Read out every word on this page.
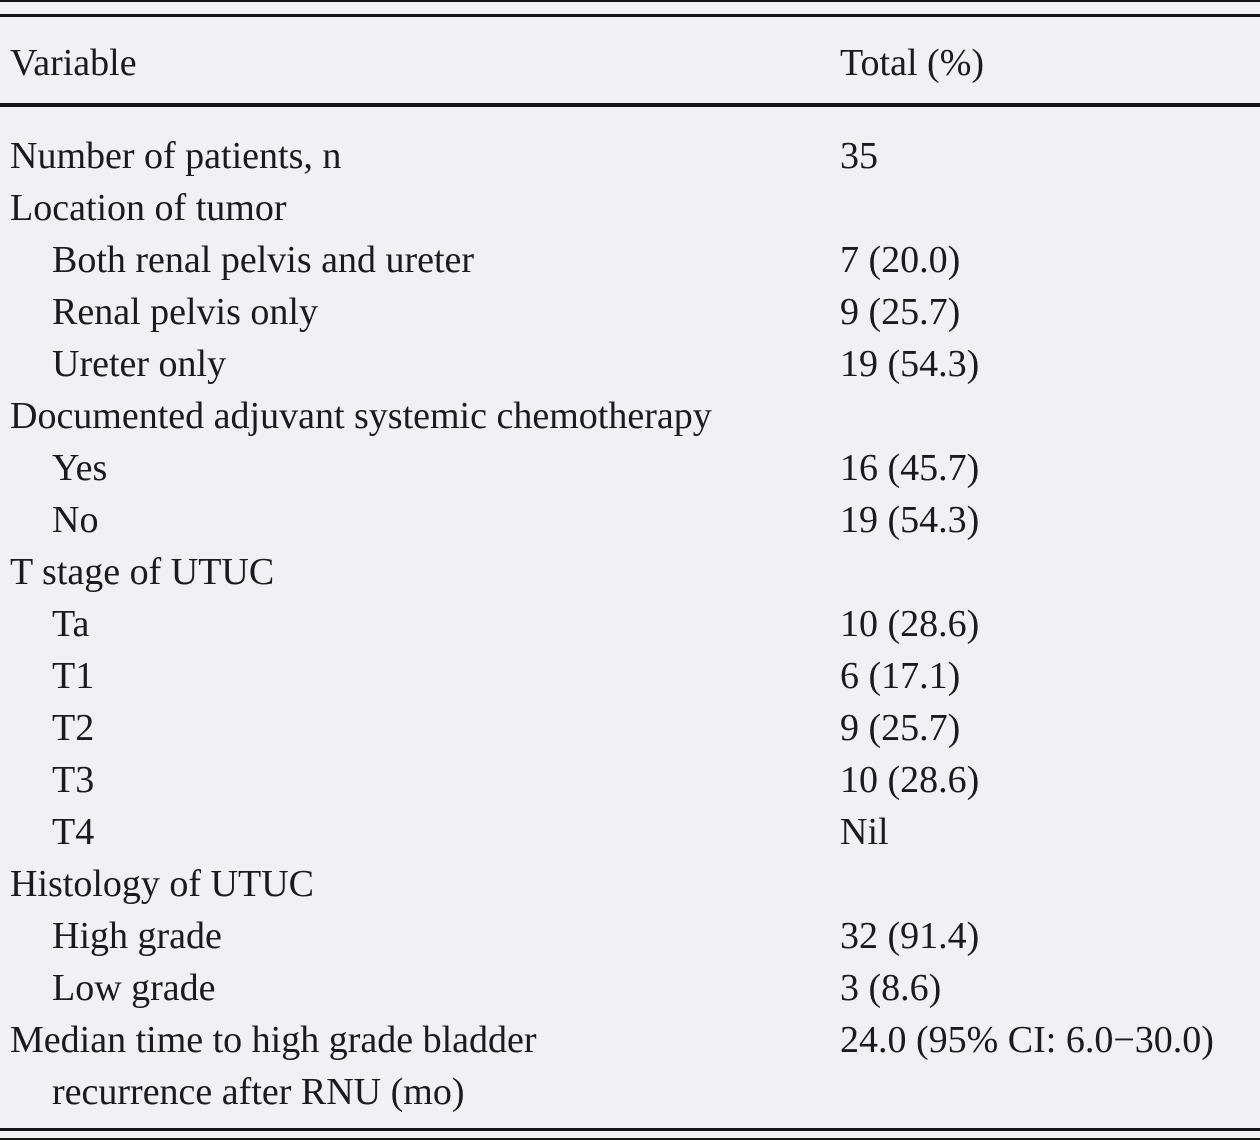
Variable	Total (%)
Number of patients, n	35
Location of tumor
Both renal pelvis and ureter	7 (20.0)
Renal pelvis only	9 (25.7)
Ureter only	19 (54.3)
Documented adjuvant systemic chemotherapy
Yes	16 (45.7)
No	19 (54.3)
T stage of UTUC
Ta	10 (28.6)
T1	6 (17.1)
T2	9 (25.7)
T3	10 (28.6)
T4	Nil
Histology of UTUC
High grade	32 (91.4)
Low grade	3 (8.6)
Median time to high grade bladder	24.0 (95% CI: 6.0−30.0)
recurrence after RNU (mo)
